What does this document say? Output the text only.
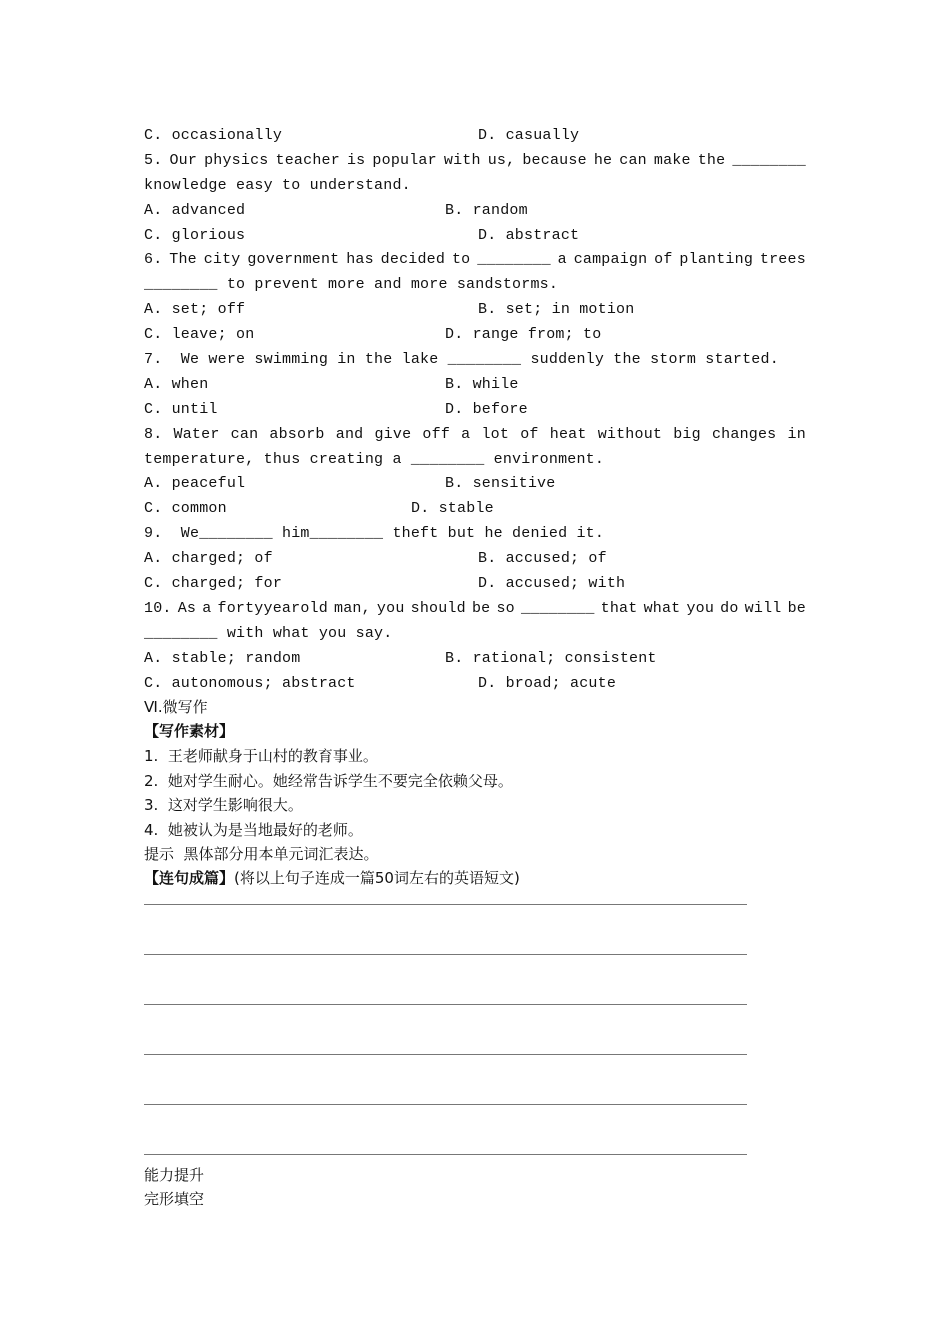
C. occasionally

	D. casually

5. Our physics teacher is popular with us, because he can make the ________
knowledge easy to understand.

A. advanced

	B. random

C. glorious

	D. abstract

6. The city government has decided to ________ a campaign of planting trees
________ to prevent more and more sandstorms.

A. set; off

	B. set; in motion

C. leave; on

	D. range from; to

7.  We were swimming in the lake ________ suddenly the storm started.

A. when

	B. while

C. until

	D. before

8. Water can absorb and give off a lot of heat without big changes in
temperature, thus creating a ________ environment.

A. peaceful

	B. sensitive

C. common

	D. stable

9.  We________ him________ theft but he denied it.

A. charged; of

	B. accused; of

C. charged; for

	D. accused; with

10. As a fortyyearold man, you should be so ________ that what you do will be
________ with what you say.

A. stable; random

	B. rational; consistent

C. autonomous; abstract

	D. broad; acute

Ⅵ.微写作
【写作素材】
1.  王老师献身于山村的教育事业。
2.  她对学生耐心。她经常告诉学生不要完全依赖父母。
3.  这对学生影响很大。
4.  她被认为是当地最好的老师。
提示  黑体部分用本单元词汇表达。
【连句成篇】(将以上句子连成一篇50词左右的英语短文)
能力提升
完形填空
